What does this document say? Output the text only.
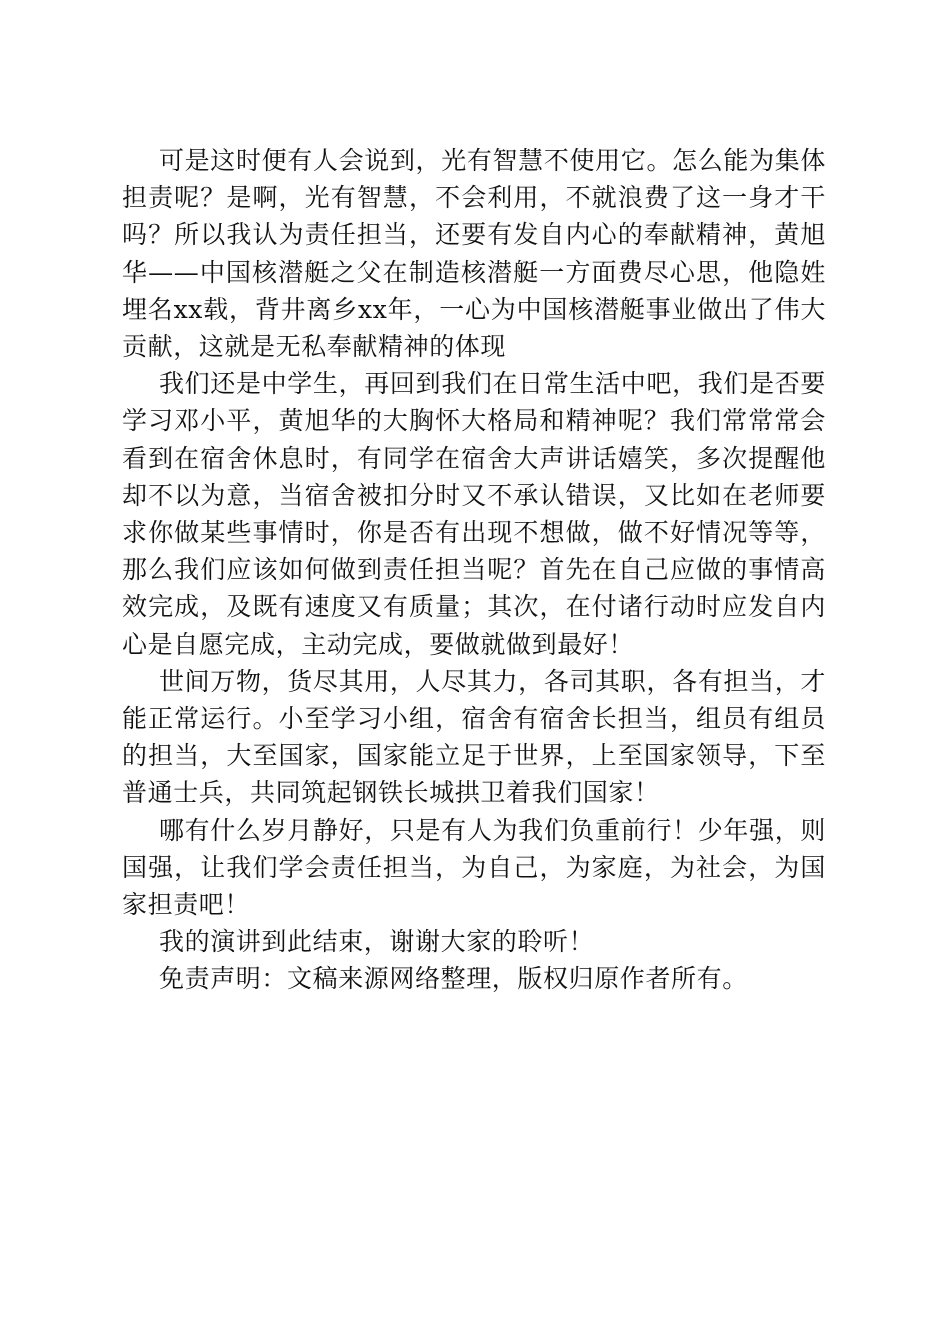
可是这时便有人会说到，光有智慧不使用它。怎么能为集体担责呢？是啊，光有智慧，不会利用，不就浪费了这一身才干吗？所以我认为责任担当，还要有发自内心的奉献精神，黄旭华——中国核潜艇之父在制造核潜艇一方面费尽心思，他隐姓埋名xx载，背井离乡xx年，一心为中国核潜艇事业做出了伟大贡献，这就是无私奉献精神的体现

我们还是中学生，再回到我们在日常生活中吧，我们是否要学习邓小平，黄旭华的大胸怀大格局和精神呢？我们常常常会看到在宿舍休息时，有同学在宿舍大声讲话嬉笑，多次提醒他却不以为意，当宿舍被扣分时又不承认错误，又比如在老师要求你做某些事情时，你是否有出现不想做，做不好情况等等，那么我们应该如何做到责任担当呢？首先在自己应做的事情高效完成，及既有速度又有质量；其次，在付诸行动时应发自内心是自愿完成，主动完成，要做就做到最好！

世间万物，货尽其用，人尽其力，各司其职，各有担当，才能正常运行。小至学习小组，宿舍有宿舍长担当，组员有组员的担当，大至国家，国家能立足于世界，上至国家领导，下至普通士兵，共同筑起钢铁长城拱卫着我们国家！

哪有什么岁月静好，只是有人为我们负重前行！少年强，则国强，让我们学会责任担当，为自己，为家庭，为社会，为国家担责吧！

我的演讲到此结束，谢谢大家的聆听！

免责声明：文稿来源网络整理，版权归原作者所有。
